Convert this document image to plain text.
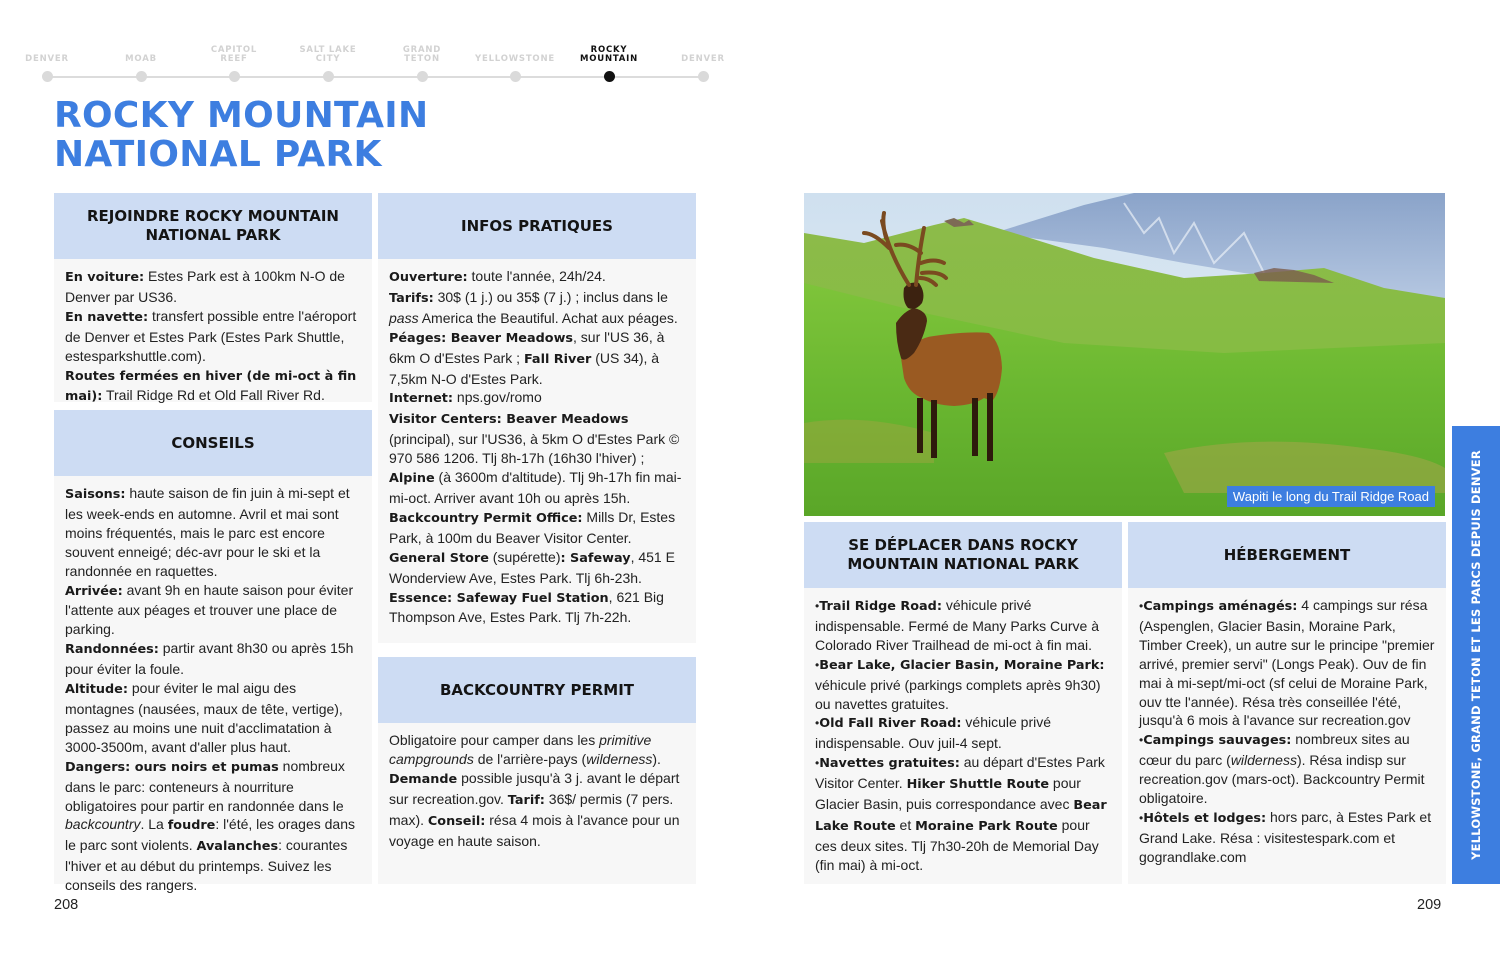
DENVER	MOAB
CAPITOL
REEF
SALT LAKE
CITY
GRAND
TETON	YELLOWSTONE
ROCKY
MOUNTAIN	DENVER
ROCKY MOUNTAIN
NATIONAL PARK
REJOINDRE ROCKY MOUNTAIN
NATIONAL PARK
En voiture: Estes Park est à 100km N-O de Denver par US36.
En navette: transfert possible entre l'aéroport de Denver et Estes Park (Estes Park Shuttle, estesparkshuttle.com).
Routes fermées en hiver (de mi-oct à fin mai): Trail Ridge Rd et Old Fall River Rd.
CONSEILS
Saisons: haute saison de fin juin à mi-sept et les week-ends en automne. Avril et mai sont moins fréquentés, mais le parc est encore souvent enneigé; déc-avr pour le ski et la randonnée en raquettes.
Arrivée: avant 9h en haute saison pour éviter l'attente aux péages et trouver une place de parking.
Randonnées: partir avant 8h30 ou après 15h pour éviter la foule.
Altitude: pour éviter le mal aigu des montagnes (nausées, maux de tête, vertige), passez au moins une nuit d'acclimatation à 3000-3500m, avant d'aller plus haut.
Dangers: ours noirs et pumas nombreux dans le parc: conteneurs à nourriture obligatoires pour partir en randonnée dans le backcountry. La foudre: l'été, les orages dans le parc sont violents. Avalanches: courantes l'hiver et au début du printemps. Suivez les conseils des rangers.
INFOS PRATIQUES
Ouverture: toute l'année, 24h/24.
Tarifs: 30$ (1 j.) ou 35$ (7 j.) ; inclus dans le pass America the Beautiful. Achat aux péages.
Péages: Beaver Meadows, sur l'US 36, à 6km O d'Estes Park ; Fall River (US 34), à 7,5km N-O d'Estes Park.
Internet: nps.gov/romo
Visitor Centers: Beaver Meadows (principal), sur l'US36, à 5km O d'Estes Park © 970 586 1206. Tlj 8h-17h (16h30 l'hiver) ; Alpine (à 3600m d'altitude). Tlj 9h-17h fin mai-mi-oct. Arriver avant 10h ou après 15h.
Backcountry Permit Office: Mills Dr, Estes Park, à 100m du Beaver Visitor Center.
General Store (supérette): Safeway, 451 E Wonderview Ave, Estes Park. Tlj 6h-23h.
Essence: Safeway Fuel Station, 621 Big Thompson Ave, Estes Park. Tlj 7h-22h.
BACKCOUNTRY PERMIT
Obligatoire pour camper dans les primitive campgrounds de l'arrière-pays (wilderness).
Demande possible jusqu'à 3 j. avant le départ sur recreation.gov. Tarif: 36$/ permis (7 pers. max). Conseil: résa 4 mois à l'avance pour un voyage en haute saison.
208
Wapiti le long du Trail Ridge Road
SE DÉPLACER DANS ROCKY
MOUNTAIN NATIONAL PARK
•Trail Ridge Road: véhicule privé indispensable. Fermé de Many Parks Curve à Colorado River Trailhead de mi-oct à fin mai.
•Bear Lake, Glacier Basin, Moraine Park: véhicule privé (parkings complets après 9h30) ou navettes gratuites.
•Old Fall River Road: véhicule privé indispensable. Ouv juil-4 sept.
•Navettes gratuites: au départ d'Estes Park Visitor Center. Hiker Shuttle Route pour Glacier Basin, puis correspondance avec Bear Lake Route et Moraine Park Route pour ces deux sites. Tlj 7h30-20h de Memorial Day (fin mai) à mi-oct.
HÉBERGEMENT
•Campings aménagés: 4 campings sur résa (Aspenglen, Glacier Basin, Moraine Park, Timber Creek), un autre sur le principe "premier arrivé, premier servi" (Longs Peak). Ouv de fin mai à mi-sept/mi-oct (sf celui de Moraine Park, ouv tte l'année). Résa très conseillée l'été, jusqu'à 6 mois à l'avance sur recreation.gov
•Campings sauvages: nombreux sites au cœur du parc (wilderness). Résa indisp sur recreation.gov (mars-oct). Backcountry Permit obligatoire.
•Hôtels et lodges: hors parc, à Estes Park et Grand Lake. Résa : visitestespark.com et gograndlake.com	YELLOWSTONE, GRAND TETON ET LES PARCS DEPUIS DENVER
209
